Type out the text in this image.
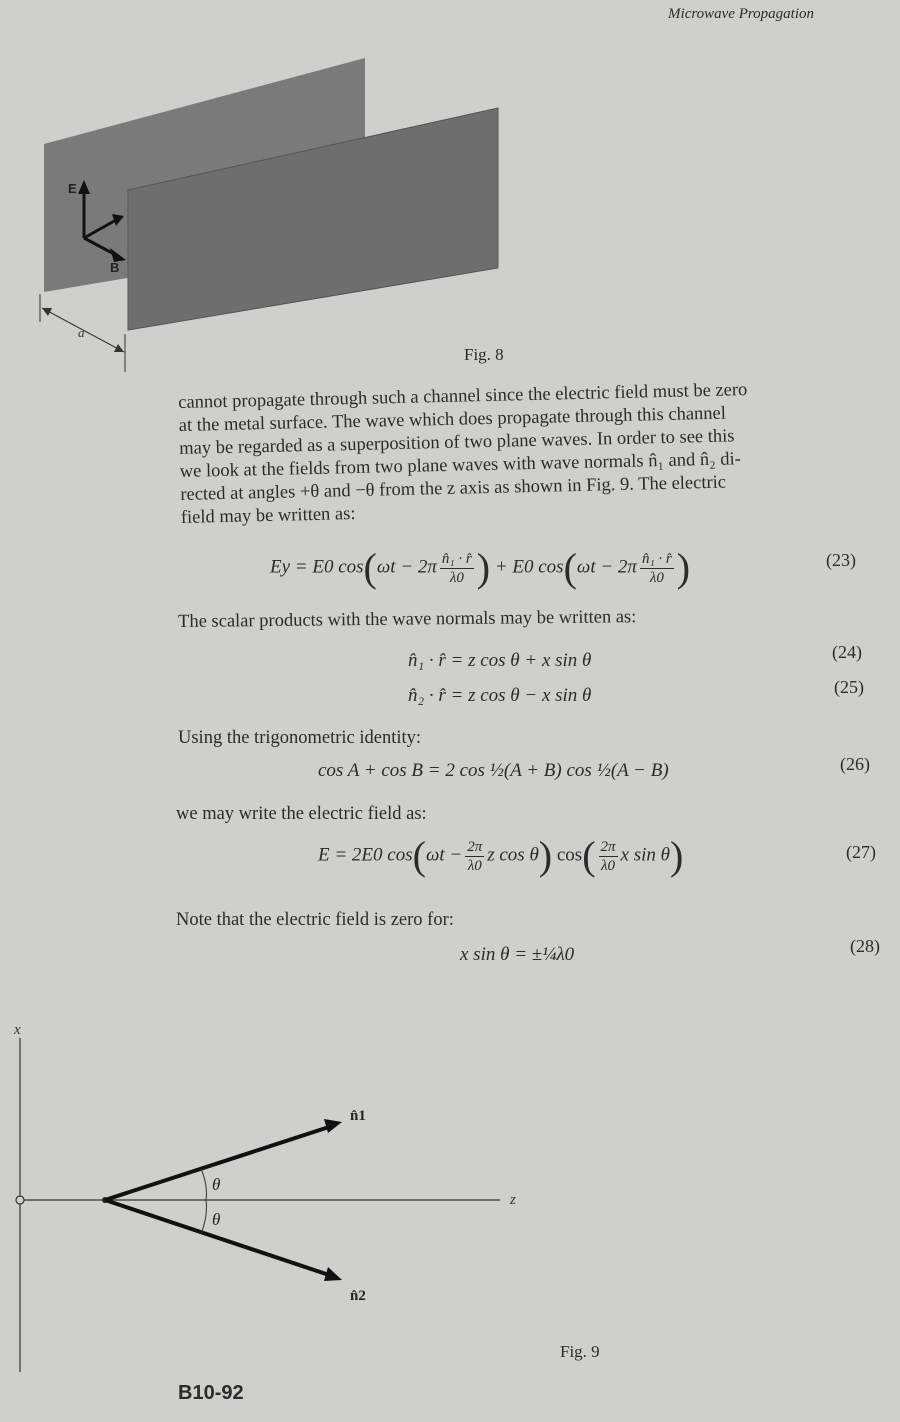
Microwave Propagation
E
B
a
Fig. 8

cannot propagate through such a channel since the electric field must be zero

at the metal surface. The wave which does propagate through this channel

may be regarded as a superposition of two plane waves. In order to see this

we look at the fields from two plane waves with wave normals n̂₁ and n̂₂ di-

rected at angles +θ and −θ from the z axis as shown in Fig. 9. The electric

field may be written as:

Ey = E0 $\cos(\omega t - 2\pi \frac{\text{n̂₁ · r̂}}{\lambda 0}$ ) + E0 $\cos(\omega t - 2\pi \frac{\text{n̂₁ · r̂}}{\lambda 0}$ )	(23)
The scalar products with the wave normals may be written as:
n̂₁ · r̂ = z cos θ + x sin θ	(24)
n̂₂ · r̂ = z cos θ − x sin θ	(25)
Using the trigonometric identity:
cos A + cos B = 2 cos ½(A + B) cos ½(A − B)	(26)
we may write the electric field as:
E = 2E0 $\cos(\omega t - \frac{2\pi}{\lambda 0}$ z cos θ) $\cos( \frac{2\pi}{\lambda 0}$ x sin θ)	(27)
Note that the electric field is zero for:
x sin θ = ±¼λ0	(28)
x
z
θ
θ
n̂1
n̂2
Fig. 9
B10-92
